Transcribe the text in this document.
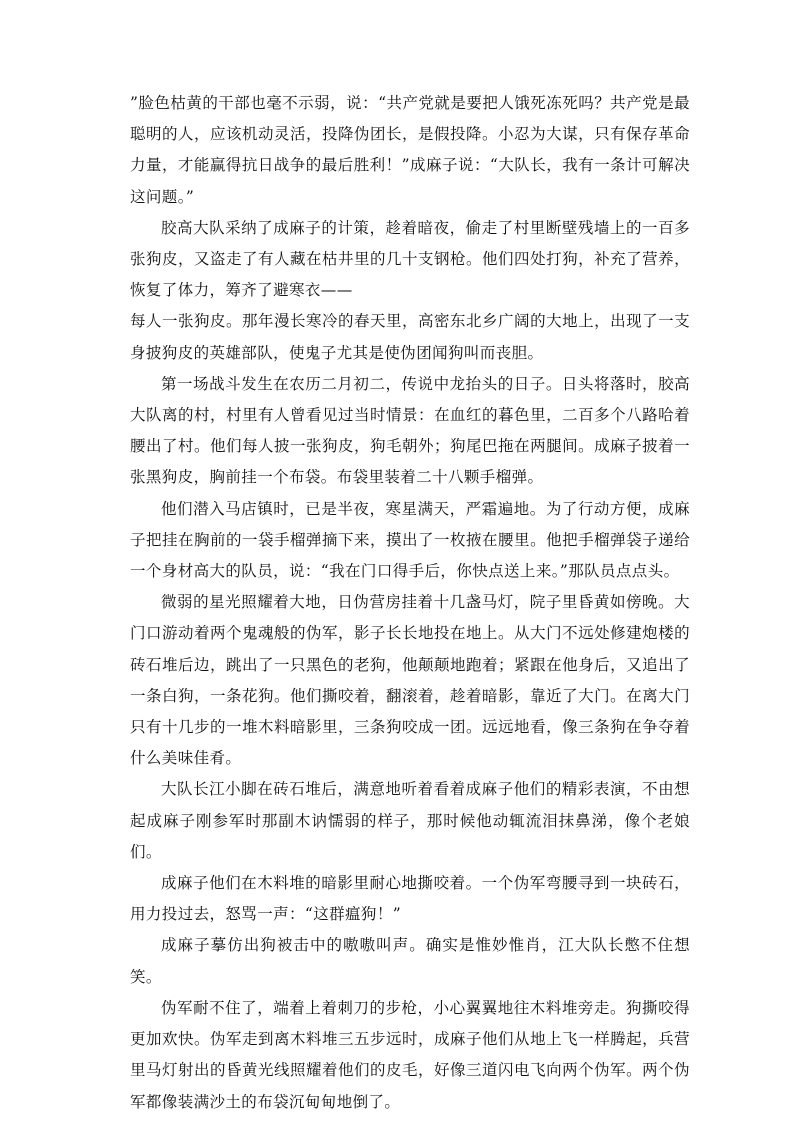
”脸色枯黄的干部也毫不示弱，说：“共产党就是要把人饿死冻死吗？共产党是最聪明的人，应该机动灵活，投降伪团长，是假投降。小忍为大谋，只有保存革命力量，才能赢得抗日战争的最后胜利！”成麻子说：“大队长，我有一条计可解决这问题。”

胶高大队采纳了成麻子的计策，趁着暗夜，偷走了村里断壁残墙上的一百多张狗皮，又盗走了有人藏在枯井里的几十支钢枪。他们四处打狗，补充了营养，恢复了体力，筹齐了避寒衣——

每人一张狗皮。那年漫长寒冷的春天里，高密东北乡广阔的大地上，出现了一支身披狗皮的英雄部队，使鬼子尤其是使伪团闻狗叫而丧胆。

第一场战斗发生在农历二月初二，传说中龙抬头的日子。日头将落时，胶高大队离的村，村里有人曾看见过当时情景：在血红的暮色里，二百多个八路哈着腰出了村。他们每人披一张狗皮，狗毛朝外；狗尾巴拖在两腿间。成麻子披着一张黑狗皮，胸前挂一个布袋。布袋里装着二十八颗手榴弹。

他们潜入马店镇时，已是半夜，寒星满天，严霜遍地。为了行动方便，成麻子把挂在胸前的一袋手榴弹摘下来，摸出了一枚掖在腰里。他把手榴弹袋子递给一个身材高大的队员，说：“我在门口得手后，你快点送上来。”那队员点点头。

微弱的星光照耀着大地，日伪营房挂着十几盏马灯，院子里昏黄如傍晚。大门口游动着两个鬼魂般的伪军，影子长长地投在地上。从大门不远处修建炮楼的砖石堆后边，跳出了一只黑色的老狗，他颠颠地跑着；紧跟在他身后，又追出了一条白狗，一条花狗。他们撕咬着，翻滚着，趁着暗影，靠近了大门。在离大门只有十几步的一堆木料暗影里，三条狗咬成一团。远远地看，像三条狗在争夺着什么美味佳肴。

大队长江小脚在砖石堆后，满意地听着看着成麻子他们的精彩表演，不由想起成麻子刚参军时那副木讷懦弱的样子，那时候他动辄流泪抹鼻涕，像个老娘们。

成麻子他们在木料堆的暗影里耐心地撕咬着。一个伪军弯腰寻到一块砖石，用力投过去，怒骂一声：“这群瘟狗！”

成麻子摹仿出狗被击中的嗷嗷叫声。确实是惟妙惟肖，江大队长憋不住想笑。

伪军耐不住了，端着上着刺刀的步枪，小心翼翼地往木料堆旁走。狗撕咬得更加欢快。伪军走到离木料堆三五步远时，成麻子他们从地上飞一样腾起，兵营里马灯射出的昏黄光线照耀着他们的皮毛，好像三道闪电飞向两个伪军。两个伪军都像装满沙土的布袋沉甸甸地倒了。
